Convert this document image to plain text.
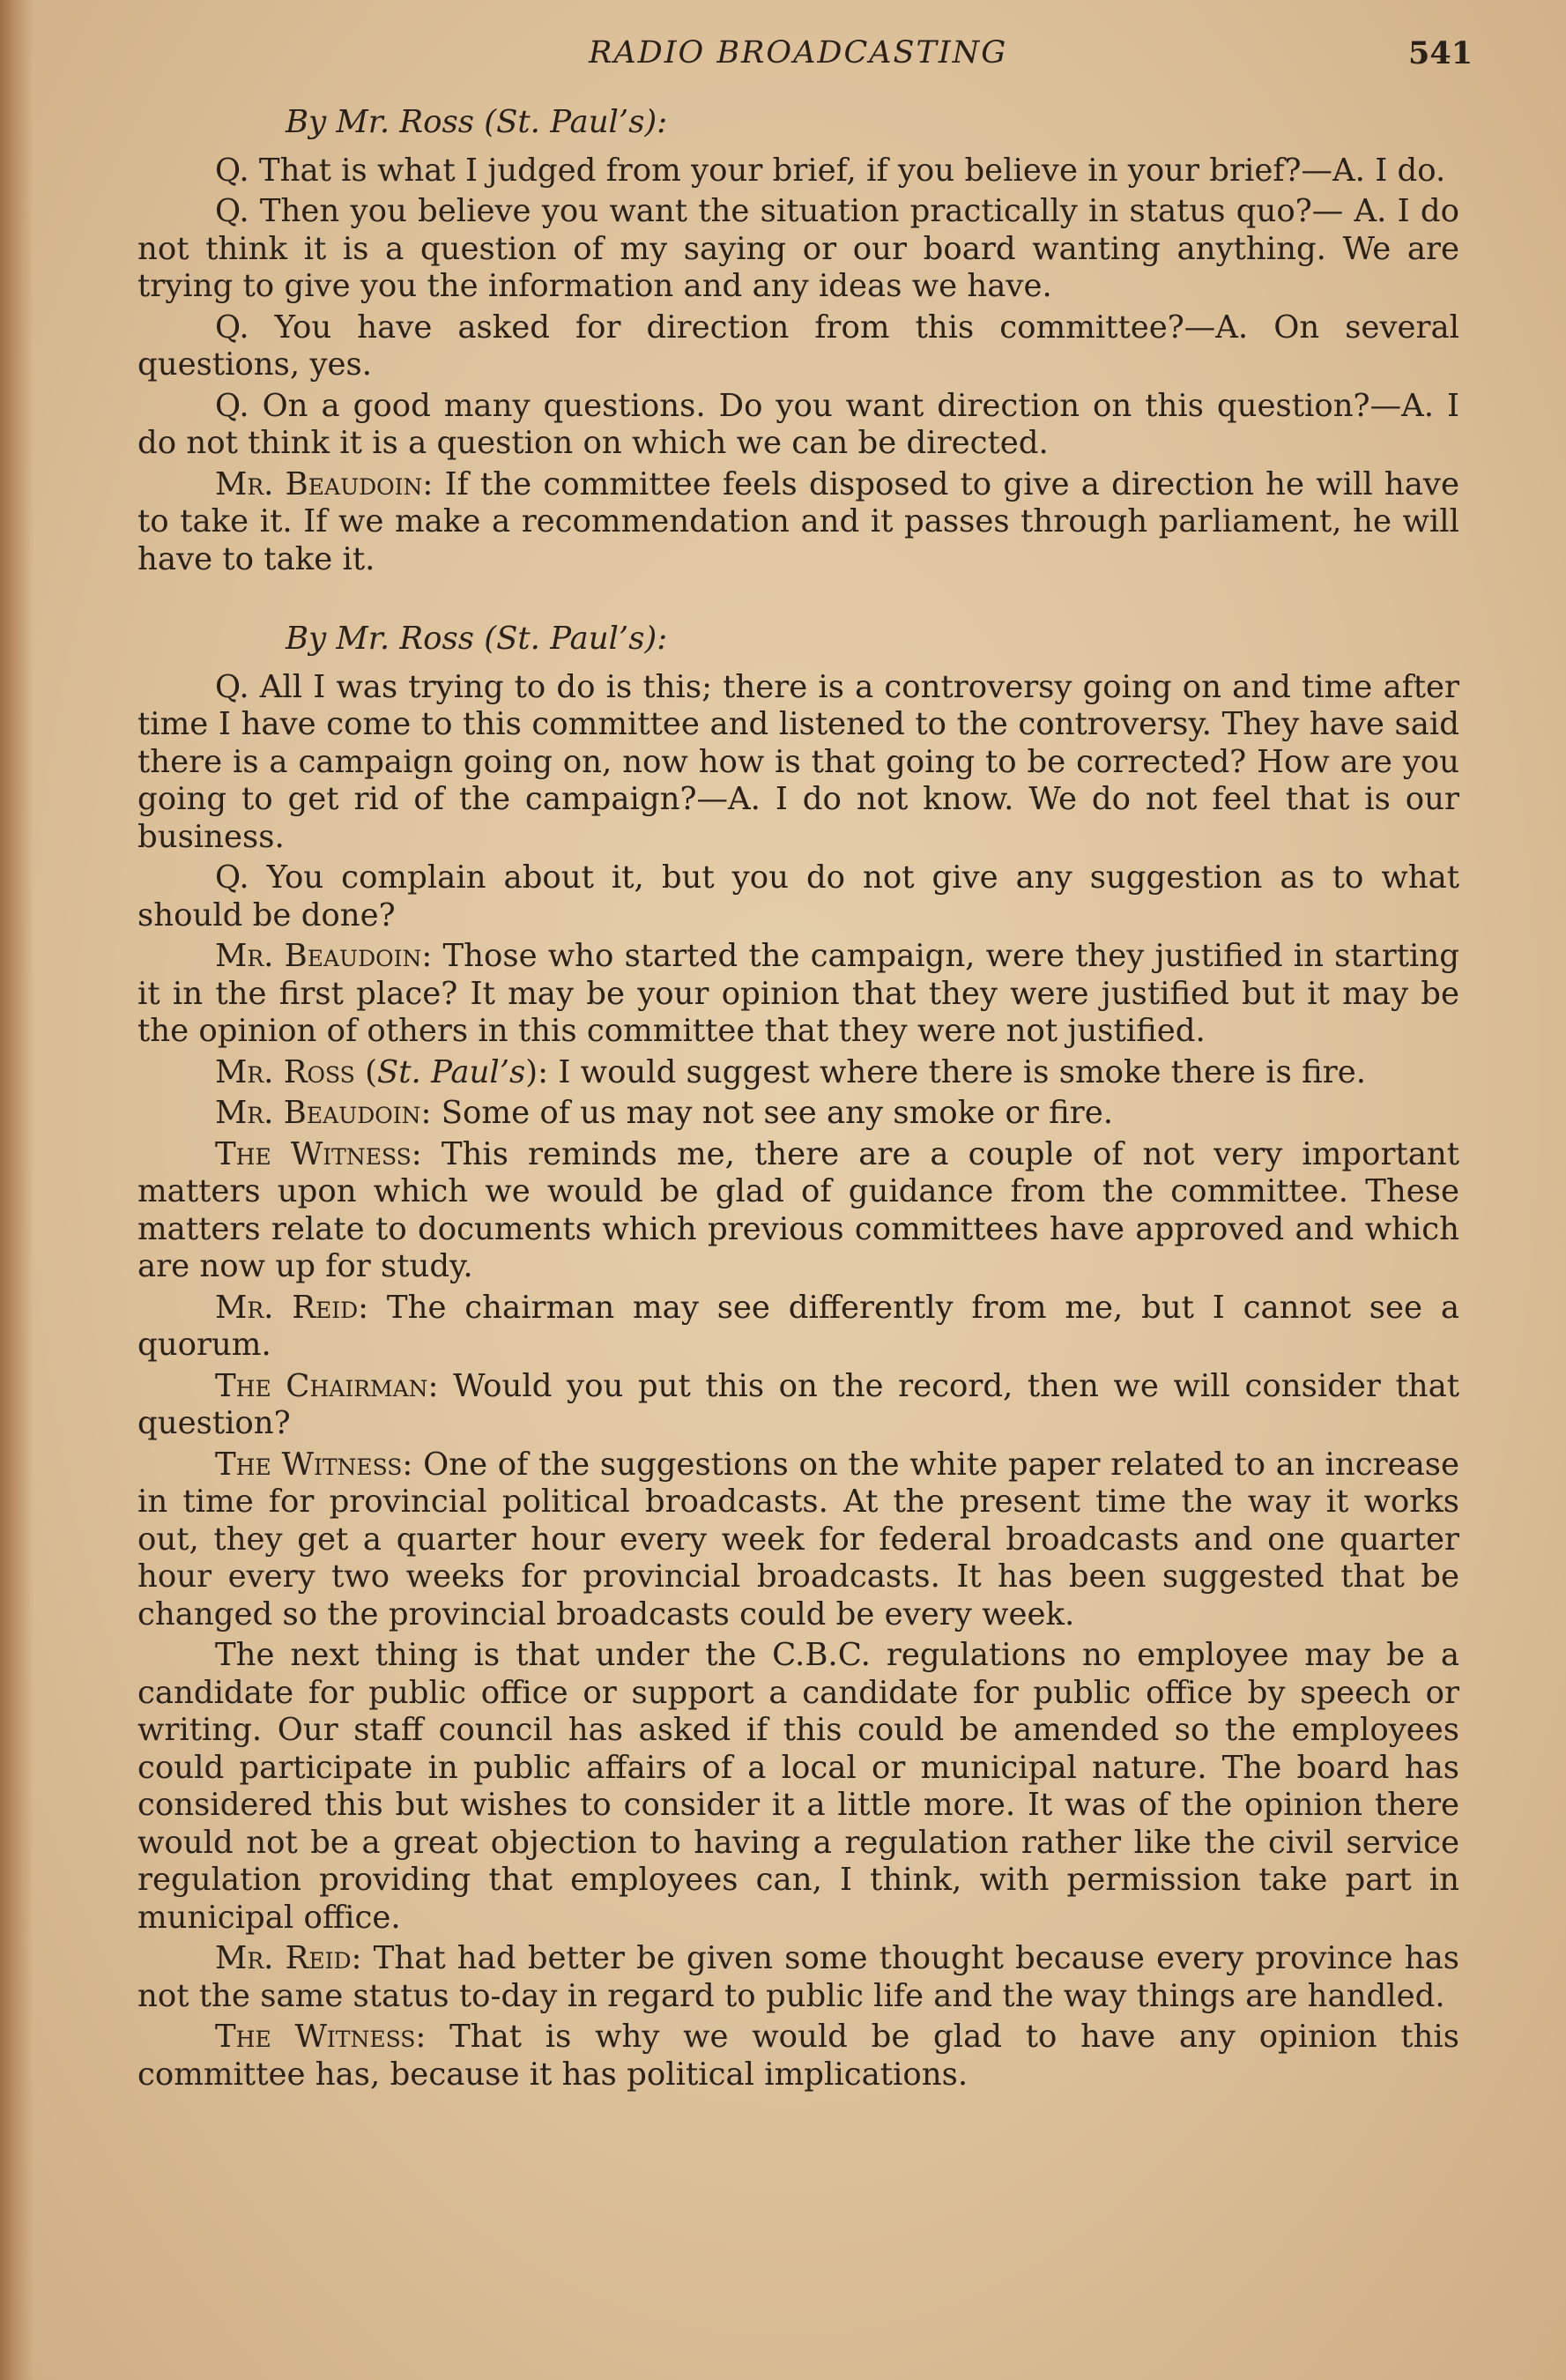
RADIO BROADCASTING	541

By Mr. Ross (St. Paul’s):

Q. That is what I judged from your brief, if you believe in your brief?—A. I do.

Q. Then you believe you want the situation practically in status quo?— A. I do not think it is a question of my saying or our board wanting anything. We are trying to give you the information and any ideas we have.

Q. You have asked for direction from this committee?—A. On several questions, yes.

Q. On a good many questions. Do you want direction on this question?—A. I do not think it is a question on which we can be directed.

Mr. Beaudoin: If the committee feels disposed to give a direction he will have to take it. If we make a recommendation and it passes through parliament, he will have to take it.

By Mr. Ross (St. Paul’s):

Q. All I was trying to do is this; there is a controversy going on and time after time I have come to this committee and listened to the controversy. They have said there is a campaign going on, now how is that going to be corrected? How are you going to get rid of the campaign?—A. I do not know. We do not feel that is our business.

Q. You complain about it, but you do not give any suggestion as to what should be done?

Mr. Beaudoin: Those who started the campaign, were they justified in starting it in the first place? It may be your opinion that they were justified but it may be the opinion of others in this committee that they were not justified.

Mr. Ross (St. Paul’s): I would suggest where there is smoke there is fire.

Mr. Beaudoin: Some of us may not see any smoke or fire.

The Witness: This reminds me, there are a couple of not very important matters upon which we would be glad of guidance from the committee. These matters relate to documents which previous committees have approved and which are now up for study.

Mr. Reid: The chairman may see differently from me, but I cannot see a quorum.

The Chairman: Would you put this on the record, then we will consider that question?

The Witness: One of the suggestions on the white paper related to an increase in time for provincial political broadcasts. At the present time the way it works out, they get a quarter hour every week for federal broadcasts and one quarter hour every two weeks for provincial broadcasts. It has been suggested that be changed so the provincial broadcasts could be every week.

The next thing is that under the C.B.C. regulations no employee may be a candidate for public office or support a candidate for public office by speech or writing. Our staff council has asked if this could be amended so the employees could participate in public affairs of a local or municipal nature. The board has considered this but wishes to consider it a little more. It was of the opinion there would not be a great objection to having a regulation rather like the civil service regulation providing that employees can, I think, with permission take part in municipal office.

Mr. Reid: That had better be given some thought because every province has not the same status to-day in regard to public life and the way things are handled.

The Witness: That is why we would be glad to have any opinion this committee has, because it has political implications.
